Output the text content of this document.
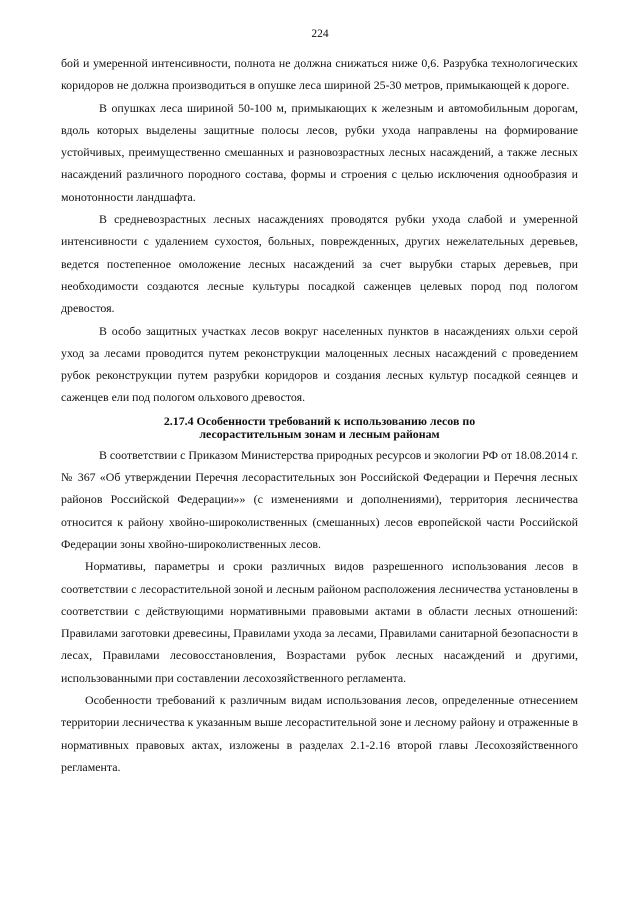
224

бой и умеренной интенсивности, полнота не должна снижаться ниже 0,6. Разрубка технологических коридоров не должна производиться в опушке леса шириной 25-30 метров, примыкающей к дороге.

В опушках леса шириной 50-100 м, примыкающих к железным и автомобильным дорогам, вдоль которых выделены защитные полосы лесов, рубки ухода направлены на формирование устойчивых, преимущественно смешанных и разновозрастных лесных насаждений, а также лесных насаждений различного породного состава, формы и строения с целью исключения однообразия и монотонности ландшафта.

В средневозрастных лесных насаждениях проводятся рубки ухода слабой и умеренной интенсивности с удалением сухостоя, больных, поврежденных, других нежелательных деревьев, ведется постепенное омоложение лесных насаждений за счет вырубки старых деревьев, при необходимости создаются лесные культуры посадкой саженцев целевых пород под пологом древостоя.

В особо защитных участках лесов вокруг населенных пунктов в насаждениях ольхи серой уход за лесами проводится путем реконструкции малоценных лесных насаждений с проведением рубок реконструкции путем разрубки коридоров и создания лесных культур посадкой сеянцев и саженцев ели под пологом ольхового древостоя.

2.17.4 Особенности требований к использованию лесов по
лесорастительным зонам и лесным районам

В соответствии с Приказом Министерства природных ресурсов и экологии РФ от 18.08.2014 г. № 367 «Об утверждении Перечня лесорастительных зон Российской Федерации и Перечня лесных районов Российской Федерации»» (с изменениями и дополнениями), территория лесничества относится к району хвойно-широколиственных (смешанных) лесов европейской части Российской Федерации зоны хвойно-широколиственных лесов.

Нормативы, параметры и сроки различных видов разрешенного использования лесов в соответствии с лесорастительной зоной и лесным районом расположения лесничества установлены в соответствии с действующими нормативными правовыми актами в области лесных отношений: Правилами заготовки древесины, Правилами ухода за лесами, Правилами санитарной безопасности в лесах, Правилами лесовосстановления, Возрастами рубок лесных насаждений и другими, использованными при составлении лесохозяйственного регламента.

Особенности требований к различным видам использования лесов, определенные отнесением территории лесничества к указанным выше лесорастительной зоне и лесному району и отраженные в нормативных правовых актах, изложены в разделах 2.1-2.16 второй главы Лесохозяйственного регламента.
